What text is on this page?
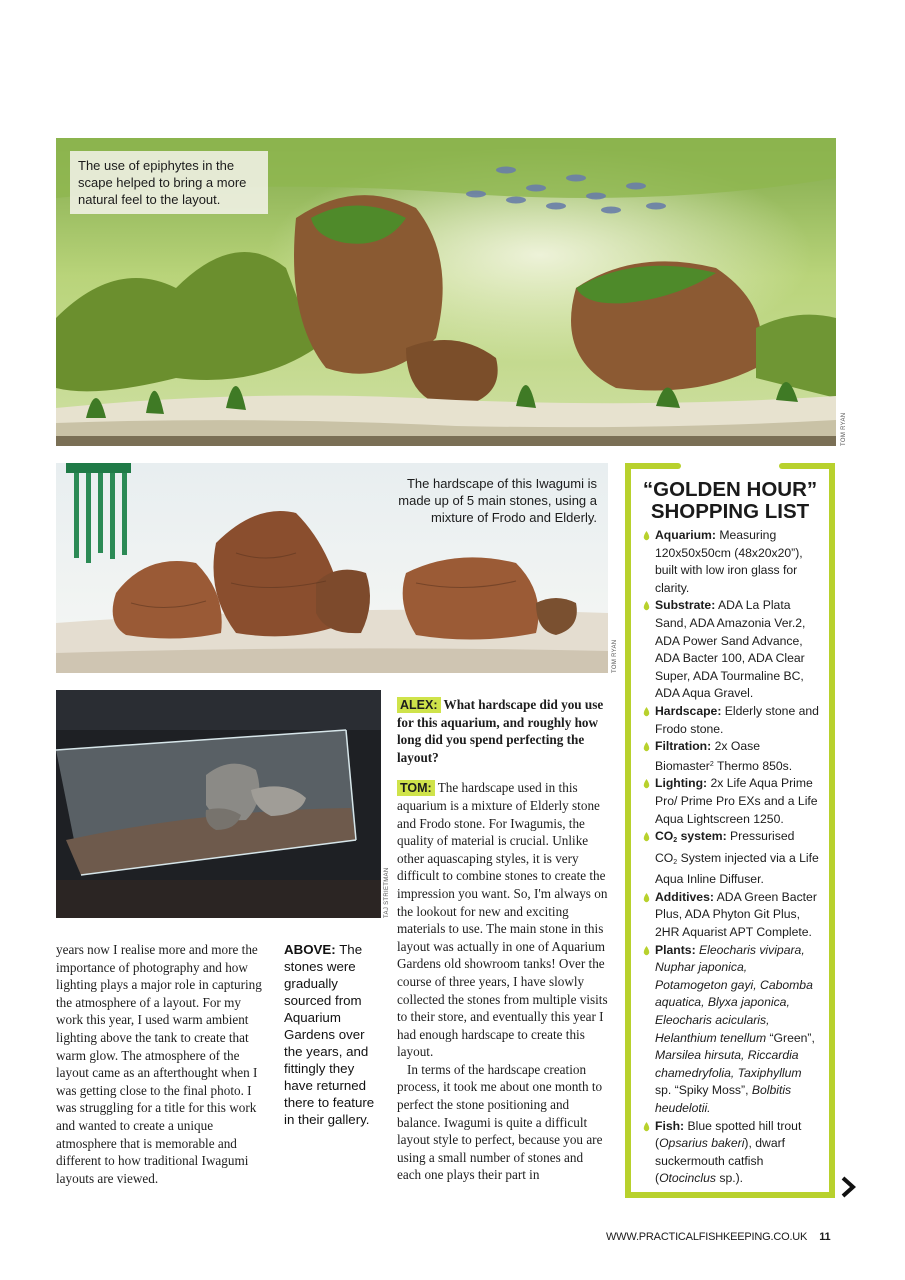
The use of epiphytes in the scape helped to bring a more natural feel to the layout.
TOM RYAN
The hardscape of this Iwagumi is made up of 5 main stones, using a mixture of Frodo and Elderly.
TOM RYAN
TAJ STRIETMAN

years now I realise more and more the importance of photography and how lighting plays a major role in capturing the atmosphere of a layout. For my work this year, I used warm ambient lighting above the tank to create that warm glow. The atmosphere of the layout came as an afterthought when I was getting close to the final photo. I was struggling for a title for this work and wanted to create a unique atmosphere that is memorable and different to how traditional Iwagumi layouts are viewed.

ABOVE: The stones were gradually sourced from Aquarium Gardens over the years, and fittingly they have returned there to feature in their gallery.

ALEX: What hardscape did you use for this aquarium, and roughly how long did you spend perfecting the layout?

TOM: The hardscape used in this aquarium is a mixture of Elderly stone and Frodo stone. For Iwagumis, the quality of material is crucial. Unlike other aquascaping styles, it is very difficult to combine stones to create the impression you want. So, I'm always on the lookout for new and exciting materials to use. The main stone in this layout was actually in one of Aquarium Gardens old showroom tanks! Over the course of three years, I have slowly collected the stones from multiple visits to their store, and eventually this year I had enough hardscape to create this layout.

In terms of the hardscape creation process, it took me about one month to perfect the stone positioning and balance. Iwagumi is quite a difficult layout style to perfect, because you are using a small number of stones and each one plays their part in

“GOLDEN HOUR”
SHOPPING LIST
Aquarium: Measuring 120x50x50cm (48x20x20”), built with low iron glass for clarity.
Substrate: ADA La Plata Sand, ADA Amazonia Ver.2, ADA Power Sand Advance, ADA Bacter 100, ADA Clear Super, ADA Tourmaline BC, ADA Aqua Gravel.
Hardscape: Elderly stone and Frodo stone.
Filtration: 2x Oase Biomaster$^2$ Thermo 850s.
Lighting: 2x Life Aqua Prime Pro/ Prime Pro EXs and a Life Aqua Lightscreen 1250.
$CO_2$ system: Pressurised $CO_2$ System injected via a Life Aqua Inline Diffuser.
Additives: ADA Green Bacter Plus, ADA Phyton Git Plus, 2HR Aquarist APT Complete.
Plants: Eleocharis vivipara, Nuphar japonica, Potamogeton gayi, Cabomba aquatica, Blyxa japonica, Eleocharis acicularis, Helanthium tenellum “Green”, Marsilea hirsuta, Riccardia chamedryfolia, Taxiphyllum sp. “Spiky Moss”, Bolbitis heudelotii.
Fish: Blue spotted hill trout (Opsarius bakeri), dwarf suckermouth catfish (Otocinclus sp.).
WWW.PRACTICALFISHKEEPING.CO.UK 11
